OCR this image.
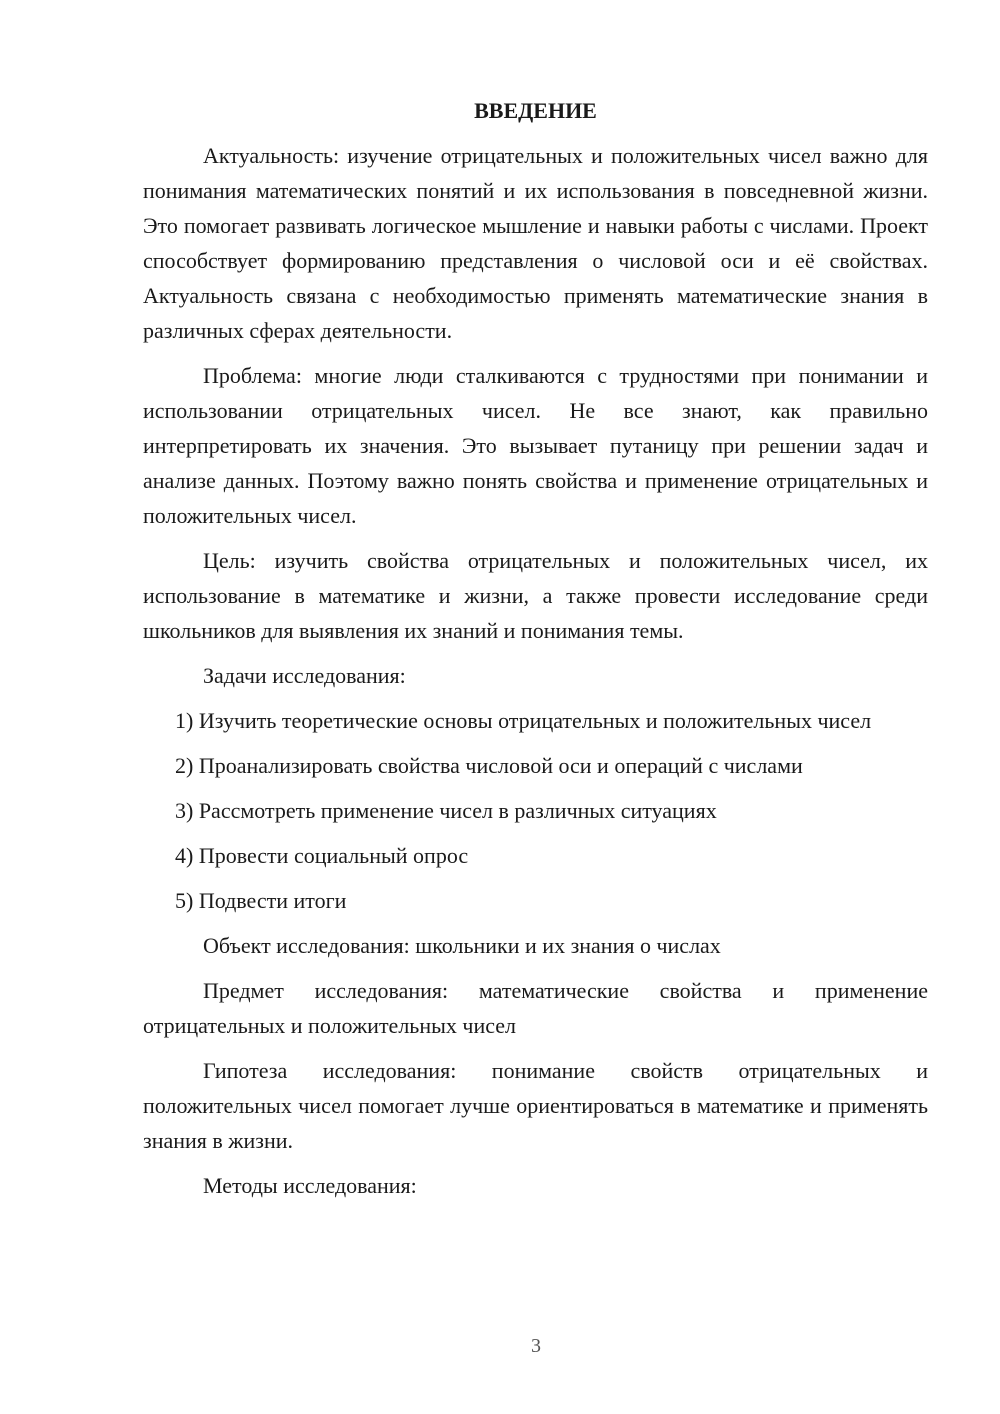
ВВЕДЕНИЕ

Актуальность: изучение отрицательных и положительных чисел важно для понимания математических понятий и их использования в повседневной жизни. Это помогает развивать логическое мышление и навыки работы с числами. Проект способствует формированию представления о числовой оси и её свойствах. Актуальность связана с необходимостью применять математические знания в различных сферах деятельности.

Проблема: многие люди сталкиваются с трудностями при понимании и использовании отрицательных чисел. Не все знают, как правильно интерпретировать их значения. Это вызывает путаницу при решении задач и анализе данных. Поэтому важно понять свойства и применение отрицательных и положительных чисел.

Цель: изучить свойства отрицательных и положительных чисел, их использование в математике и жизни, а также провести исследование среди школьников для выявления их знаний и понимания темы.

Задачи исследования:

1) Изучить теоретические основы отрицательных и положительных чисел

2) Проанализировать свойства числовой оси и операций с числами

3) Рассмотреть применение чисел в различных ситуациях

4) Провести социальный опрос

5) Подвести итоги

Объект исследования: школьники и их знания о числах

Предмет исследования: математические свойства и применение отрицательных и положительных чисел

Гипотеза исследования: понимание свойств отрицательных и положительных чисел помогает лучше ориентироваться в математике и применять знания в жизни.

Методы исследования:

3
